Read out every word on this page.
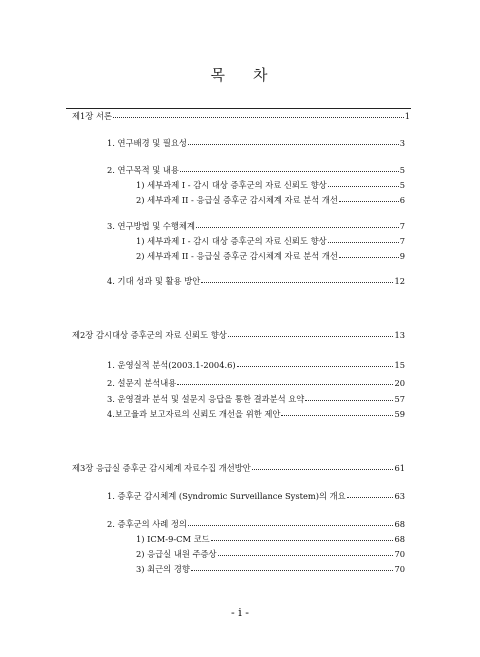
목 차
제1장 서론	1
1. 연구배경 및 필요성	3
2. 연구목적 및 내용	5
1) 세부과제 I - 감시 대상 증후군의 자료 신뢰도 향상	5
2) 세부과제 II - 응급실 증후군 감시체계 자료 분석 개선	6
3. 연구방법 및 수행체계	7
1) 세부과제 I - 감시 대상 증후군의 자료 신뢰도 향상	7
2) 세부과제 II - 응급실 증후군 감시체계 자료 분석 개선	9
4. 기대 성과 및 활용 방안	12
제2장 감시대상 증후군의 자료 신뢰도 향상	13
1. 운영실적 분석(2003.1-2004.6)	15
2. 설문지 분석내용	20
3. 운영결과 분석 및 설문지 응답을 통한 결과분석 요약	57
4.보고율과 보고자료의 신뢰도 개선을 위한 제안	59
제3장 응급실 증후군 감시체계 자료수집 개선방안	61
1. 증후군 감시체계 (Syndromic Surveillance System)의 개요	63
2. 증후군의 사례 정의	68
1) ICM-9-CM 코드	68
2) 응급실 내원 주증상	70
3) 최근의 경향	70
- i -
